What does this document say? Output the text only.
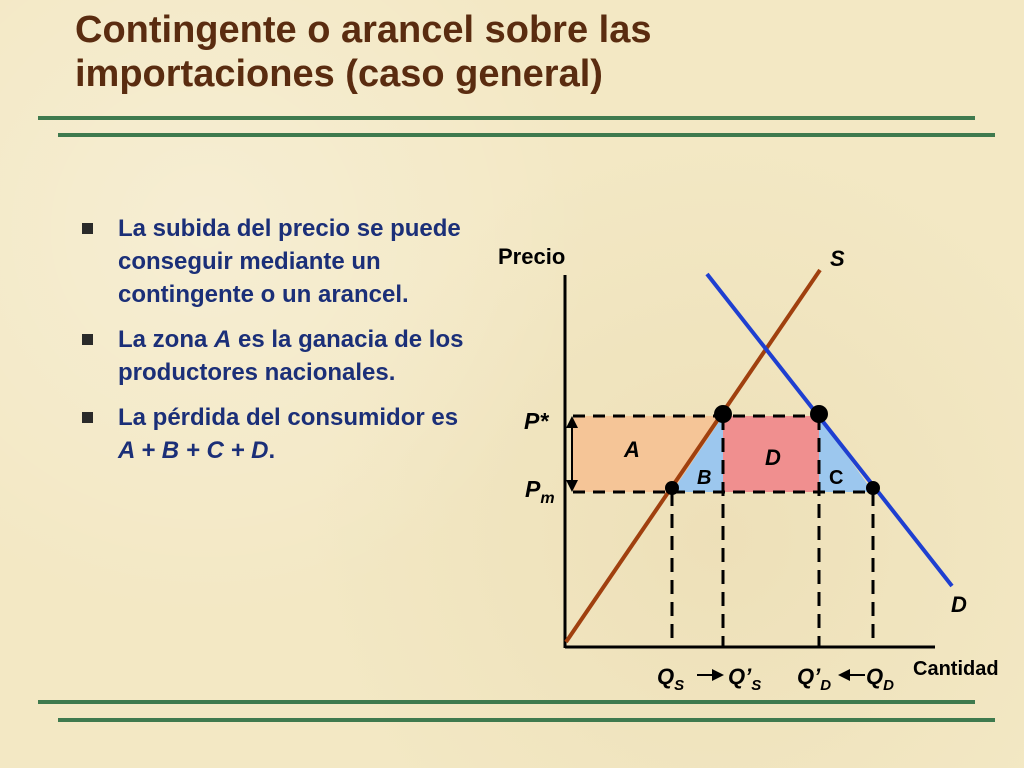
Contingente o arancel sobre las
importaciones (caso general)
La subida del precio se puede conseguir mediante un contingente o un arancel.
La zona A es la ganacia de los productores nacionales.
La pérdida del consumidor es A + B + C + D.
Precio
Cantidad
S
D
P*
$P_m$
A
B
D
C
$Q_S$ $Q’_S$ $Q’_D$ $Q_D$
